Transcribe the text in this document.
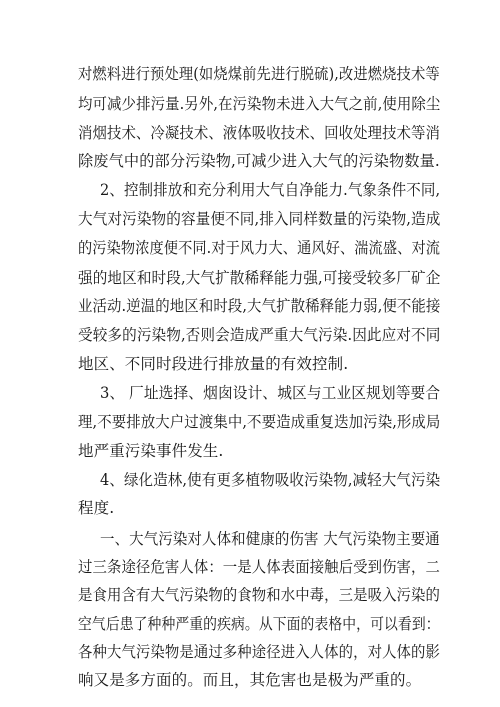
对燃料进行预处理(如烧煤前先进行脱硫),改进燃烧技术等
均可减少排污量.另外,在污染物未进入大气之前,使用除尘
消烟技术、冷凝技术、液体吸收技术、回收处理技术等消
除废气中的部分污染物,可减少进入大气的污染物数量.
2、控制排放和充分利用大气自净能力.气象条件不同,
大气对污染物的容量便不同,排入同样数量的污染物,造成
的污染物浓度便不同.对于风力大、通风好、湍流盛、对流
强的地区和时段,大气扩散稀释能力强,可接受较多厂矿企
业活动.逆温的地区和时段,大气扩散稀释能力弱,便不能接
受较多的污染物,否则会造成严重大气污染.因此应对不同
地区、不同时段进行排放量的有效控制.
3、 厂址选择、烟囱设计、城区与工业区规划等要合
理,不要排放大户过渡集中,不要造成重复迭加污染,形成局
地严重污染事件发生.
4、绿化造林,使有更多植物吸收污染物,减轻大气污染
程度.
一、大气污染对人体和健康的伤害 大气污染物主要通
过三条途径危害人体：一是人体表面接触后受到伤害，二
是食用含有大气污染物的食物和水中毒，三是吸入污染的
空气后患了种种严重的疾病。从下面的表格中，可以看到：
各种大气污染物是通过多种途径进入人体的，对人体的影
响又是多方面的。而且，其危害也是极为严重的。
